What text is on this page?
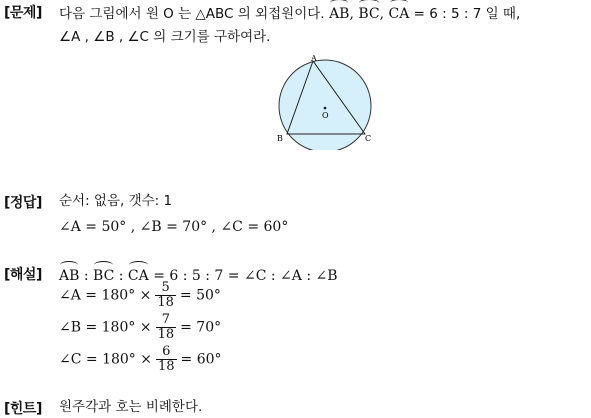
[문제] 다음 그림에서 원 O 는 △ABC 의 외접원이다. AB, BC, CA = 6 : 5 : 7 일 때,
∠A , ∠B , ∠C 의 크기를 구하여라.
A
B	C
O
[정답] 순서: 없음, 갯수: 1
∠A = 50° , ∠B = 70° , ∠C = 60°
[해설] AB : BC : CA = 6 : 5 : 7 = ∠C : ∠A : ∠B
∠A = $180^\circ \times \frac{5}{18} = 50^\circ$
∠B = $180^\circ \times \frac{7}{18} = 70^\circ$
∠C = $180^\circ \times \frac{6}{18} = 60^\circ$
[힌트] 원주각과 호는 비례한다.
